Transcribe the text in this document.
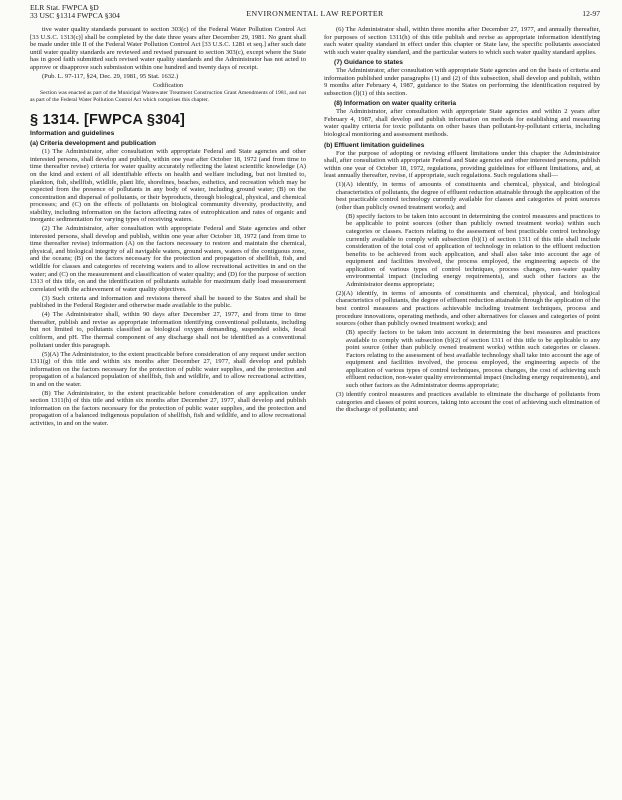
ELR Stat. FWPCA §D
33 USC §1314 FWPCA §304	ENVIRONMENTAL LAW REPORTER	12-97

tive water quality standards pursuant to section 303(c) of the Federal Water Pollution Control Act [33 U.S.C. 1313(c)] shall be completed by the date three years after December 29, 1981. No grant shall be made under title II of the Federal Water Pollution Control Act [33 U.S.C. 1281 et seq.] after such date until water quality standards are reviewed and revised pursuant to section 303(c), except where the State has in good faith submitted such revised water quality standards and the Administrator has not acted to approve or disapprove such submission within one hundred and twenty days of receipt.

(Pub. L. 97-117, §24, Dec. 29, 1981, 95 Stat. 1632.)

Codification

Section was enacted as part of the Municipal Wastewater Treatment Construction Grant Amendments of 1981, and not as part of the Federal Water Pollution Control Act which comprises this chapter.

§ 1314. [FWPCA §304]
Information and guidelines
(a) Criteria development and publication

(1) The Administrator, after consultation with appropriate Federal and State agencies and other interested persons, shall develop and publish, within one year after October 18, 1972 (and from time to time thereafter revise) criteria for water quality accurately reflecting the latest scientific knowledge (A) on the kind and extent of all identifiable effects on health and welfare including, but not limited to, plankton, fish, shellfish, wildlife, plant life, shorelines, beaches, esthetics, and recreation which may be expected from the presence of pollutants in any body of water, including ground water; (B) on the concentration and dispersal of pollutants, or their byproducts, through biological, physical, and chemical processes; and (C) on the effects of pollutants on biological community diversity, productivity, and stability, including information on the factors affecting rates of eutrophication and rates of organic and inorganic sedimentation for varying types of receiving waters.

(2) The Administrator, after consultation with appropriate Federal and State agencies and other interested persons, shall develop and publish, within one year after October 18, 1972 (and from time to time thereafter revise) information (A) on the factors necessary to restore and maintain the chemical, physical, and biological integrity of all navigable waters, ground waters, waters of the contiguous zone, and the oceans; (B) on the factors necessary for the protection and propagation of shellfish, fish, and wildlife for classes and categories of receiving waters and to allow recreational activities in and on the water; and (C) on the measurement and classification of water quality; and (D) for the purpose of section 1313 of this title, on and the identification of pollutants suitable for maximum daily load measurement correlated with the achievement of water quality objectives.

(3) Such criteria and information and revisions thereof shall be issued to the States and shall be published in the Federal Register and otherwise made available to the public.

(4) The Administrator shall, within 90 days after December 27, 1977, and from time to time thereafter, publish and revise as appropriate information identifying conventional pollutants, including but not limited to, pollutants classified as biological oxygen demanding, suspended solids, fecal coliform, and pH. The thermal component of any discharge shall not be identified as a conventional pollutant under this paragraph.

(5)(A) The Administrator, to the extent practicable before consideration of any request under section 1311(g) of this title and within six months after December 27, 1977, shall develop and publish information on the factors necessary for the protection of public water supplies, and the protection and propagation of a balanced population of shellfish, fish and wildlife, and to allow recreational activities, in and on the water.

(B) The Administrator, to the extent practicable before consideration of any application under section 1311(h) of this title and within six months after December 27, 1977, shall develop and publish information on the factors necessary for the protection of public water supplies, and the protection and propagation of a balanced indigenous population of shellfish, fish and wildlife, and to allow recreational activities, in and on the water.

(6) The Administrator shall, within three months after December 27, 1977, and annually thereafter, for purposes of section 1311(h) of this title publish and revise as appropriate information identifying each water quality standard in effect under this chapter or State law, the specific pollutants associated with such water quality standard, and the particular waters to which such water quality standard applies.

(7) Guidance to states

The Administrator, after consultation with appropriate State agencies and on the basis of criteria and information published under paragraphs (1) and (2) of this subsection, shall develop and publish, within 9 months after February 4, 1987, guidance to the States on performing the identification required by subsection (l)(1) of this section.

(8) Information on water quality criteria

The Administrator, after consultation with appropriate State agencies and within 2 years after February 4, 1987, shall develop and publish information on methods for establishing and measuring water quality criteria for toxic pollutants on other bases than pollutant-by-pollutant criteria, including biological monitoring and assessment methods.

(b) Effluent limitation guidelines

For the purpose of adopting or revising effluent limitations under this chapter the Administrator shall, after consultation with appropriate Federal and State agencies and other interested persons, publish within one year of October 18, 1972, regulations, providing guidelines for effluent limitations, and, at least annually thereafter, revise, if appropriate, such regulations. Such regulations shall—

(1)(A) identify, in terms of amounts of constituents and chemical, physical, and biological characteristics of pollutants, the degree of effluent reduction attainable through the application of the best practicable control technology currently available for classes and categories of point sources (other than publicly owned treatment works); and

(B) specify factors to be taken into account in determining the control measures and practices to be applicable to point sources (other than publicly owned treatment works) within such categories or classes. Factors relating to the assessment of best practicable control technology currently available to comply with subsection (b)(1) of section 1311 of this title shall include consideration of the total cost of application of technology in relation to the effluent reduction benefits to be achieved from such application, and shall also take into account the age of equipment and facilities involved, the process employed, the engineering aspects of the application of various types of control techniques, process changes, non-water quality environmental impact (including energy requirements), and such other factors as the Administrator deems appropriate;

(2)(A) identify, in terms of amounts of constituents and chemical, physical, and biological characteristics of pollutants, the degree of effluent reduction attainable through the application of the best control measures and practices achievable including treatment techniques, process and procedure innovations, operating methods, and other alternatives for classes and categories of point sources (other than publicly owned treatment works); and

(B) specify factors to be taken into account in determining the best measures and practices available to comply with subsection (b)(2) of section 1311 of this title to be applicable to any point source (other than publicly owned treatment works) within such categories or classes. Factors relating to the assessment of best available technology shall take into account the age of equipment and facilities involved, the process employed, the engineering aspects of the application of various types of control techniques, process changes, the cost of achieving such effluent reduction, non-water quality environmental impact (including energy requirements), and such other factors as the Administrator deems appropriate;

(3) identify control measures and practices available to eliminate the discharge of pollutants from categories and classes of point sources, taking into account the cost of achieving such elimination of the discharge of pollutants; and
